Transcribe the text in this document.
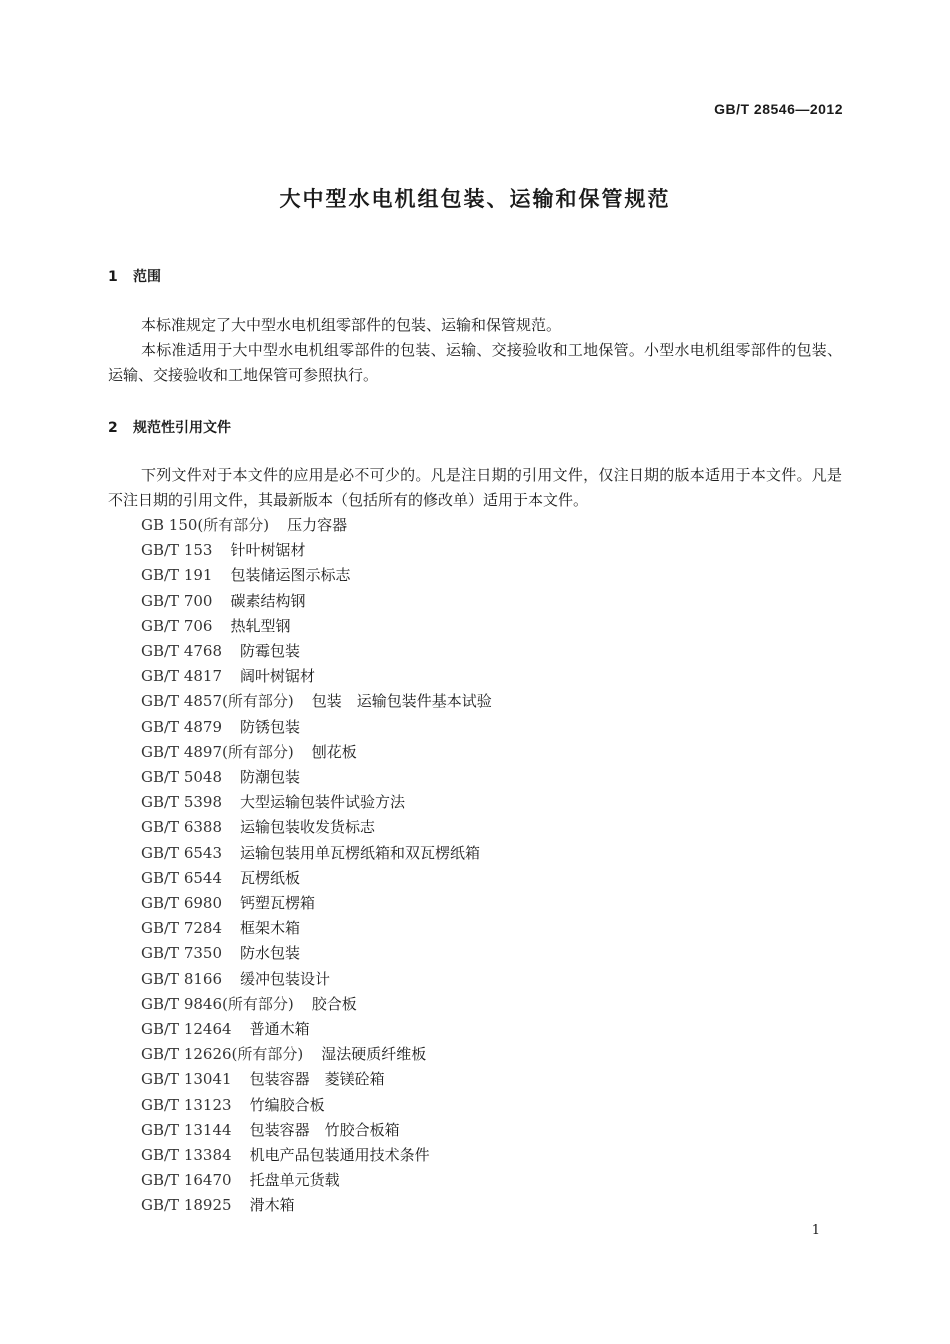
GB/T 28546—2012
大中型水电机组包装、运输和保管规范
1 范围

本标准规定了大中型水电机组零部件的包装、运输和保管规范。

本标准适用于大中型水电机组零部件的包装、运输、交接验收和工地保管。小型水电机组零部件的包装、运输、交接验收和工地保管可参照执行。

2 规范性引用文件

下列文件对于本文件的应用是必不可少的。凡是注日期的引用文件，仅注日期的版本适用于本文件。凡是不注日期的引用文件，其最新版本（包括所有的修改单）适用于本文件。

GB 150(所有部分) 压力容器
GB/T 153 针叶树锯材
GB/T 191 包装储运图示标志
GB/T 700 碳素结构钢
GB/T 706 热轧型钢
GB/T 4768 防霉包装
GB/T 4817 阔叶树锯材
GB/T 4857(所有部分) 包装　运输包装件基本试验
GB/T 4879 防锈包装
GB/T 4897(所有部分) 刨花板
GB/T 5048 防潮包装
GB/T 5398 大型运输包装件试验方法
GB/T 6388 运输包装收发货标志
GB/T 6543 运输包装用单瓦楞纸箱和双瓦楞纸箱
GB/T 6544 瓦楞纸板
GB/T 6980 钙塑瓦楞箱
GB/T 7284 框架木箱
GB/T 7350 防水包装
GB/T 8166 缓冲包装设计
GB/T 9846(所有部分) 胶合板
GB/T 12464 普通木箱
GB/T 12626(所有部分) 湿法硬质纤维板
GB/T 13041 包装容器　菱镁砼箱
GB/T 13123 竹编胶合板
GB/T 13144 包装容器　竹胶合板箱
GB/T 13384 机电产品包装通用技术条件
GB/T 16470 托盘单元货载
GB/T 18925 滑木箱
1
